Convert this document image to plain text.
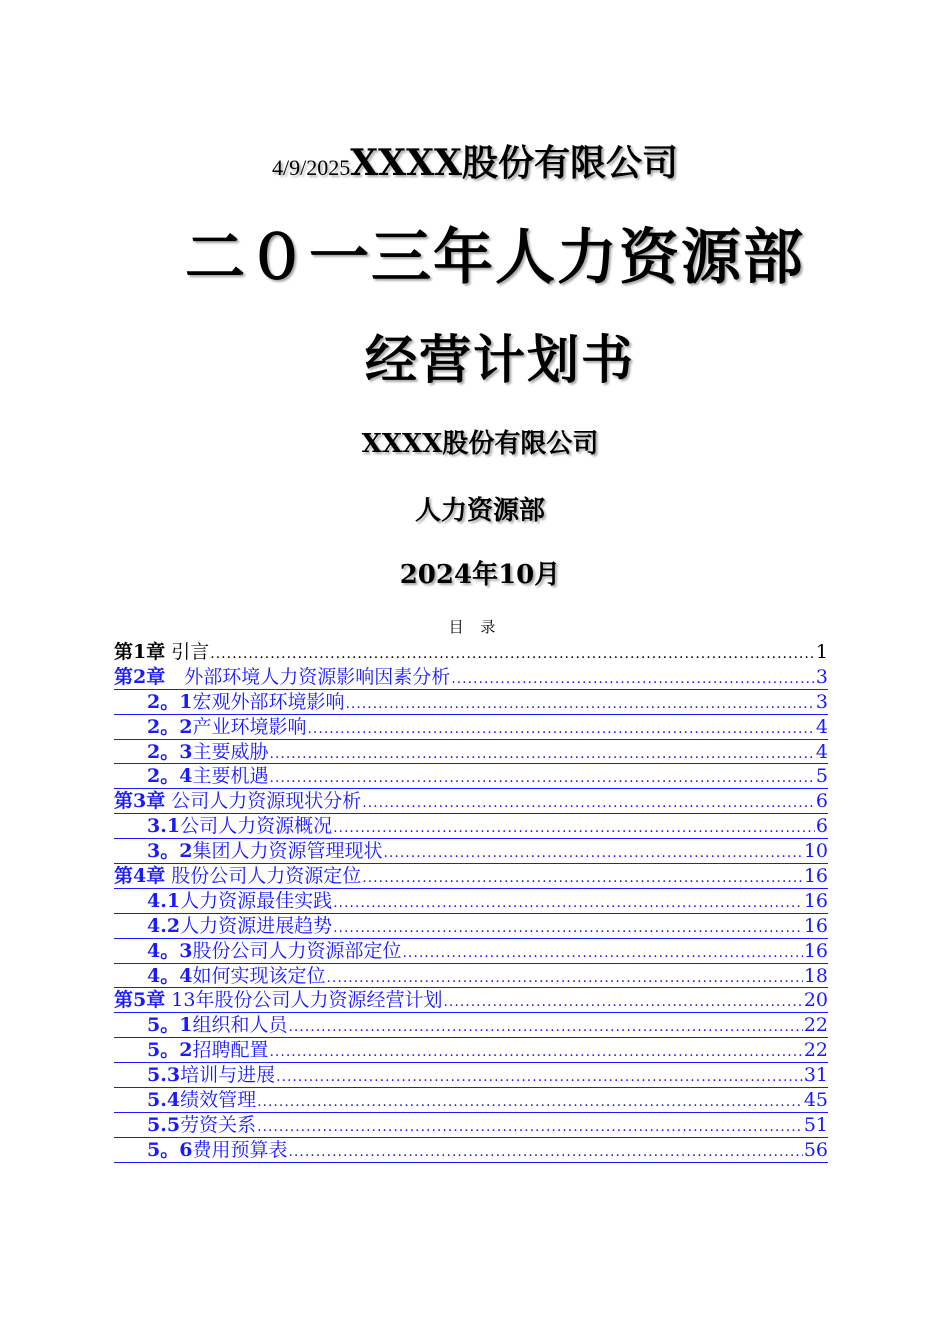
4/9/2025XXXX股份有限公司
二０一三年人力资源部
经营计划书
XXXX股份有限公司
人力资源部
2024年10月
目 录
第1章 引言 .....	1
第2章　外部环境人力资源影响因素分析 .....	3
2。1宏观外部环境影响 .....	3
2。2产业环境影响 .....	4
2。3主要威胁 .....	4
2。4主要机遇 .....	5
第3章 公司人力资源现状分析 .....	6
3.1公司人力资源概况 .....	6
3。2集团人力资源管理现状 .....	10
第4章 股份公司人力资源定位 .....	16
4.1人力资源最佳实践 .....	16
4.2人力资源进展趋势 .....	16
4。3股份公司人力资源部定位 .....	16
4。4如何实现该定位 .....	18
第5章 13年股份公司人力资源经营计划 .....	20
5。1组织和人员 .....	22
5。2招聘配置 .....	22
5.3培训与进展 .....	31
5.4绩效管理 .....	45
5.5劳资关系 .....	51
5。6费用预算表 .....	56
